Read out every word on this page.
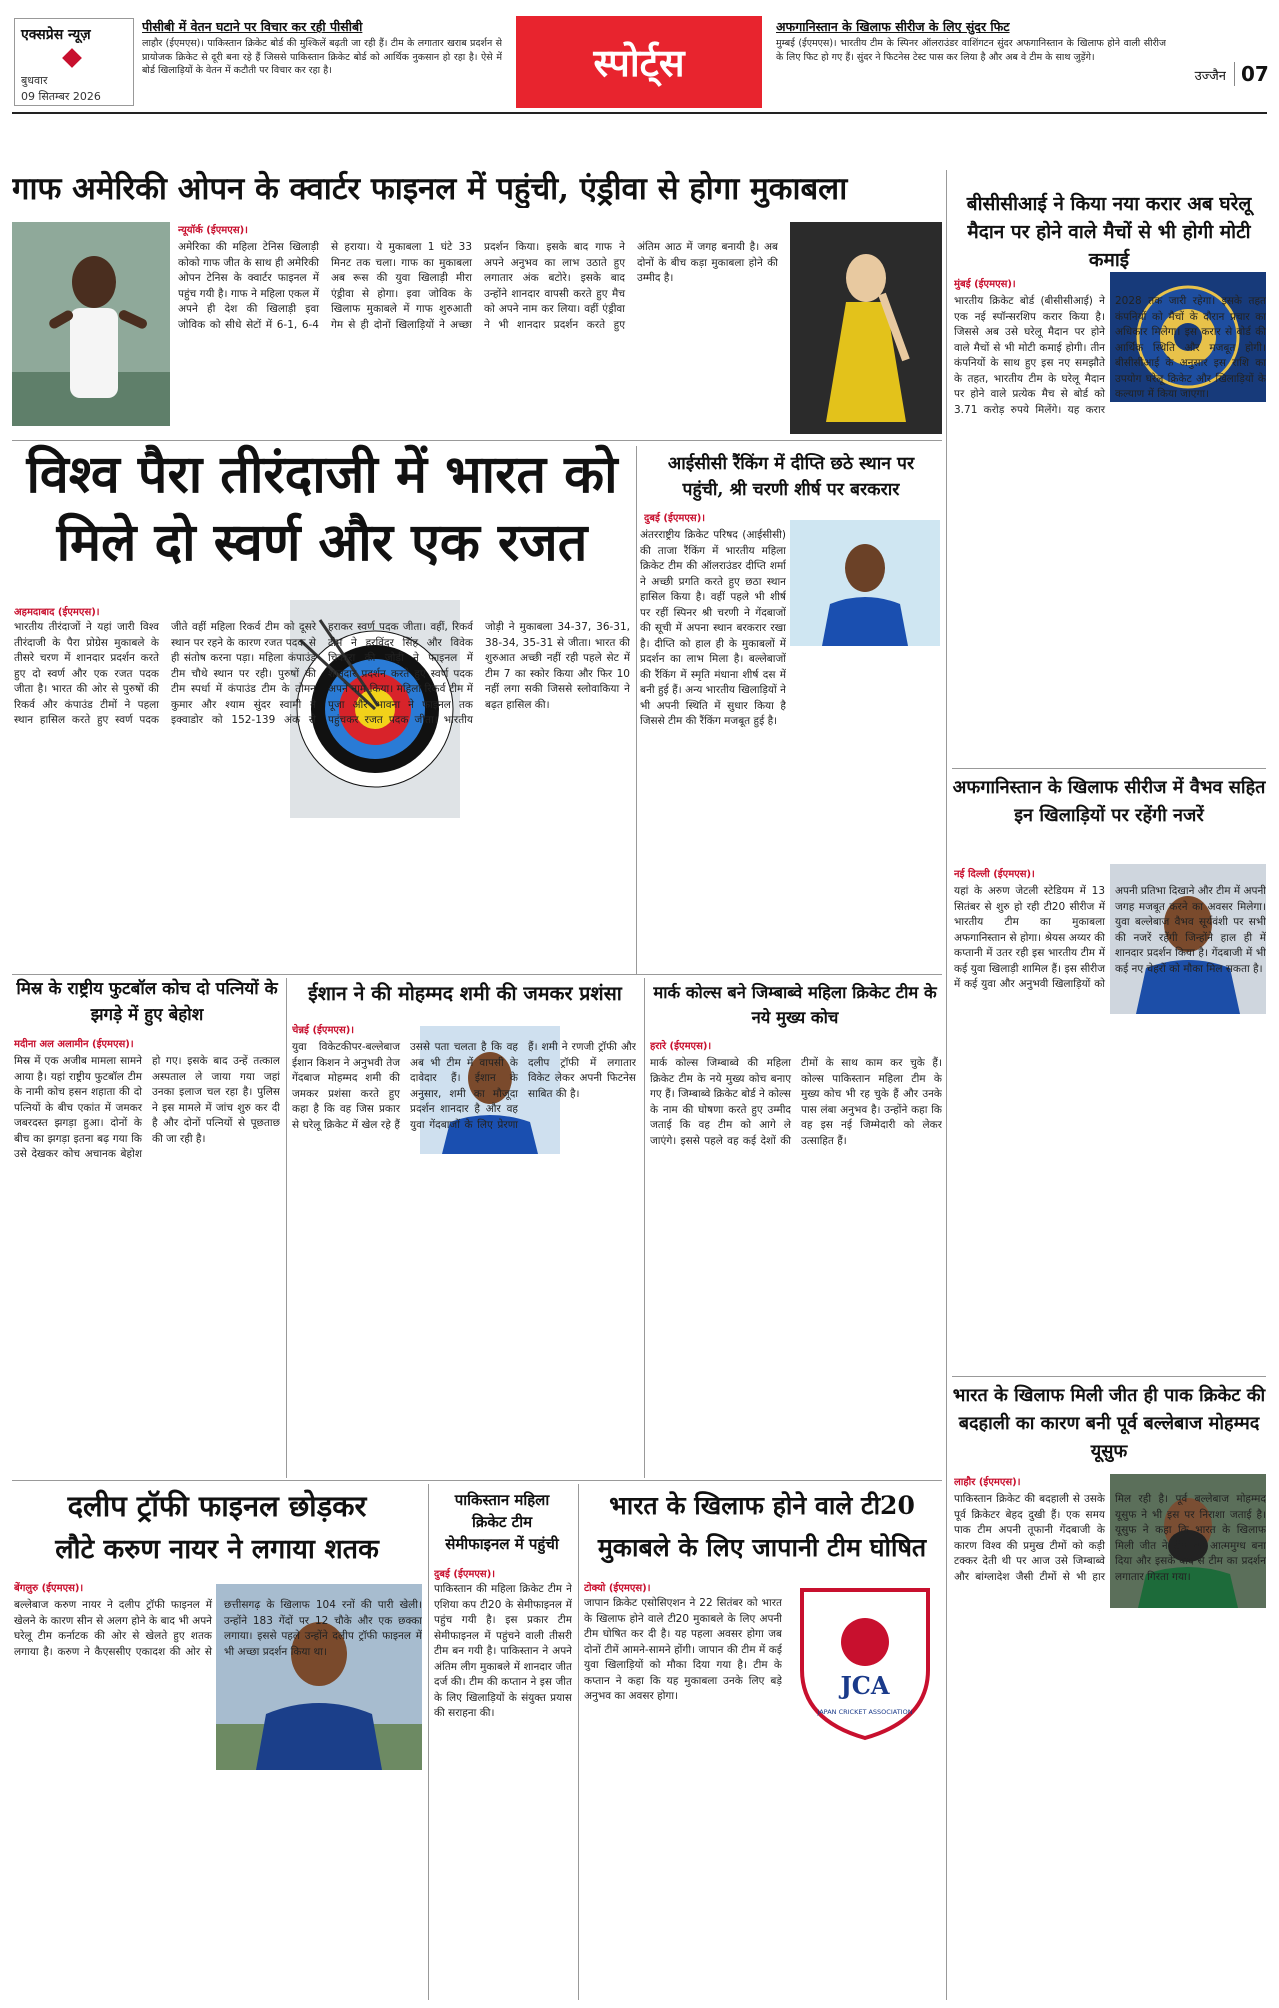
एक्सप्रेस न्यूज़
बुधवार
09 सितम्बर 2026
पीसीबी में वेतन घटाने पर विचार कर रही पीसीबी
लाहौर (ईएमएस)। पाकिस्तान क्रिकेट बोर्ड की मुश्किलें बढ़ती जा रही हैं। टीम के लगातार खराब प्रदर्शन से प्रायोजक क्रिकेट से दूरी बना रहे हैं जिससे पाकिस्तान क्रिकेट बोर्ड को आर्थिक नुकसान हो रहा है। ऐसे में बोर्ड खिलाड़ियों के वेतन में कटौती पर विचार कर रहा है।	स्पोर्ट्स
अफगानिस्तान के खिलाफ सीरीज के लिए सुंदर फिट
मुम्बई (ईएमएस)। भारतीय टीम के स्पिनर ऑलराउंडर वाशिंगटन सुंदर अफगानिस्तान के खिलाफ होने वाली सीरीज के लिए फिट हो गए हैं। सुंदर ने फिटनेस टेस्ट पास कर लिया है और अब वे टीम के साथ जुड़ेंगे।
उज्जैन 07
गाफ अमेरिकी ओपन के क्वार्टर फाइनल में पहुंची, एंड्रीवा से होगा मुकाबला
न्यूयॉर्क (ईएमएस)।
अमेरिका की महिला टेनिस खिलाड़ी कोको गाफ जीत के साथ ही अमेरिकी ओपन टेनिस के क्वार्टर फाइनल में पहुंच गयी है। गाफ ने महिला एकल में अपने ही देश की खिलाड़ी इवा जोविक को सीधे सेटों में 6-1, 6-4 से हराया। ये मुकाबला 1 घंटे 33 मिनट तक चला। गाफ का मुकाबला अब रूस की युवा खिलाड़ी मीरा एंड्रीवा से होगा। इवा जोविक के खिलाफ मुकाबले में गाफ शुरुआती गेम से ही दोनों खिलाड़ियों ने अच्छा प्रदर्शन किया। इसके बाद गाफ ने अपने अनुभव का लाभ उठाते हुए लगातार अंक बटोरे। इसके बाद उन्होंने शानदार वापसी करते हुए मैच को अपने नाम कर लिया। वहीं एंड्रीवा ने भी शानदार प्रदर्शन करते हुए अंतिम आठ में जगह बनायी है। अब दोनों के बीच कड़ा मुकाबला होने की उम्मीद है।
विश्व पैरा तीरंदाजी में भारत को
मिले दो स्वर्ण और एक रजत
अहमदाबाद (ईएमएस)।
भारतीय तीरंदाजों ने यहां जारी विश्व तीरंदाजी के पैरा प्रोग्रेस मुकाबले के तीसरे चरण में शानदार प्रदर्शन करते हुए दो स्वर्ण और एक रजत पदक जीता है। भारत की ओर से पुरुषों की रिकर्व और कंपाउंड टीमों ने पहला स्थान हासिल करते हुए स्वर्ण पदक जीते वहीं महिला रिकर्व टीम को दूसरे स्थान पर रहने के कारण रजत पदक से ही संतोष करना पड़ा। महिला कंपाउंड टीम चौथे स्थान पर रही। पुरुषों की टीम स्पर्धा में कंपाउंड टीम के तोमन कुमार और श्याम सुंदर स्वामी ने इक्वाडोर को 152-139 अंक से हराकर स्वर्ण पदक जीता। वहीं, रिकर्व टीम ने हरविंदर सिंह और विवेक चिकारा की जोड़ी ने फाइनल में शानदार प्रदर्शन करते हुए स्वर्ण पदक अपने नाम किया। महिला रिकर्व टीम में पूजा और भावना ने फाइनल तक पहुंचकर रजत पदक जीता। भारतीय जोड़ी ने मुकाबला 34-37, 36-31, 38-34, 35-31 से जीता। भारत की शुरुआत अच्छी नहीं रही पहले सेट में टीम 7 का स्कोर किया और फिर 10 नहीं लगा सकी जिससे स्लोवाकिया ने बढ़त हासिल की।
आईसीसी रैंकिंग में दीप्ति छठे स्थान पर
पहुंची, श्री चरणी शीर्ष पर बरकरार
दुबई (ईएमएस)।
अंतरराष्ट्रीय क्रिकेट परिषद (आईसीसी) की ताजा रैंकिंग में भारतीय महिला क्रिकेट टीम की ऑलराउंडर दीप्ति शर्मा ने अच्छी प्रगति करते हुए छठा स्थान हासिल किया है। वहीं पहले भी शीर्ष पर रहीं स्पिनर श्री चरणी ने गेंदबाजों की सूची में अपना स्थान बरकरार रखा है। दीप्ति को हाल ही के मुकाबलों में प्रदर्शन का लाभ मिला है। बल्लेबाजों की रैंकिंग में स्मृति मंधाना शीर्ष दस में बनी हुई हैं। अन्य भारतीय खिलाड़ियों ने भी अपनी स्थिति में सुधार किया है जिससे टीम की रैंकिंग मजबूत हुई है।
बीसीसीआई ने किया नया करार अब घरेलू मैदान पर होने वाले मैचों से भी होगी मोटी कमाई
मुंबई (ईएमएस)।
भारतीय क्रिकेट बोर्ड (बीसीसीआई) ने एक नई स्पॉन्सरशिप करार किया है। जिससे अब उसे घरेलू मैदान पर होने वाले मैचों से भी मोटी कमाई होगी। तीन कंपनियों के साथ हुए इस नए समझौते के तहत, भारतीय टीम के घरेलू मैदान पर होने वाले प्रत्येक मैच से बोर्ड को 3.71 करोड़ रुपये मिलेंगे। यह करार 2028 तक जारी रहेगा। इसके तहत कंपनियों को मैचों के दौरान प्रचार का अधिकार मिलेगा। इस करार से बोर्ड की आर्थिक स्थिति और मजबूत होगी। बीसीसीआई के अनुसार इस राशि का उपयोग घरेलू क्रिकेट और खिलाड़ियों के कल्याण में किया जाएगा।
अफगानिस्तान के खिलाफ सीरीज में वैभव सहित इन खिलाड़ियों पर रहेंगी नजरें
नई दिल्ली (ईएमएस)।
यहां के अरुण जेटली स्टेडियम में 13 सितंबर से शुरु हो रही टी20 सीरीज में भारतीय टीम का मुकाबला अफगानिस्तान से होगा। श्रेयस अय्यर की कप्तानी में उतर रही इस भारतीय टीम में कई युवा खिलाड़ी शामिल हैं। इस सीरीज में कई युवा और अनुभवी खिलाड़ियों को अपनी प्रतिभा दिखाने और टीम में अपनी जगह मजबूत करने का अवसर मिलेगा। युवा बल्लेबाज वैभव सूर्यवंशी पर सभी की नजरें रहेंगी जिन्होंने हाल ही में शानदार प्रदर्शन किया है। गेंदबाजी में भी कई नए चेहरों को मौका मिल सकता है।
भारत के खिलाफ मिली जीत ही पाक क्रिकेट की बदहाली का कारण बनी पूर्व बल्लेबाज मोहम्मद यूसुफ
लाहौर (ईएमएस)।
पाकिस्तान क्रिकेट की बदहाली से उसके पूर्व क्रिकेटर बेहद दुखी हैं। एक समय पाक टीम अपनी तूफानी गेंदबाजी के कारण विश्व की प्रमुख टीमों को कड़ी टक्कर देती थी पर आज उसे जिम्बाब्वे और बांग्लादेश जैसी टीमों से भी हार मिल रही है। पूर्व बल्लेबाज मोहम्मद यूसुफ ने भी इस पर निराशा जताई है। यूसुफ ने कहा कि भारत के खिलाफ मिली जीत ने टीम को आत्ममुग्ध बना दिया और इसके बाद से टीम का प्रदर्शन लगातार गिरता गया।
मिस्र के राष्ट्रीय फुटबॉल कोच दो पत्नियों के झगड़े में हुए बेहोश
मदीना अल अलामीन (ईएमएस)।
मिस्र में एक अजीब मामला सामने आया है। यहां राष्ट्रीय फुटबॉल टीम के नामी कोच हसन शहाता की दो पत्नियों के बीच एकांत में जमकर जबरदस्त झगड़ा हुआ। दोनों के बीच का झगड़ा इतना बढ़ गया कि उसे देखकर कोच अचानक बेहोश हो गए। इसके बाद उन्हें तत्काल अस्पताल ले जाया गया जहां उनका इलाज चल रहा है। पुलिस ने इस मामले में जांच शुरु कर दी है और दोनों पत्नियों से पूछताछ की जा रही है।
ईशान ने की मोहम्मद शमी की जमकर प्रशंसा
चेन्नई (ईएमएस)।
युवा विकेटकीपर-बल्लेबाज ईशान किशन ने अनुभवी तेज गेंदबाज मोहम्मद शमी की जमकर प्रशंसा करते हुए कहा है कि वह जिस प्रकार से घरेलू क्रिकेट में खेल रहे हैं उससे पता चलता है कि वह अब भी टीम में वापसी के दावेदार हैं। ईशान के अनुसार, शमी का मौजूदा प्रदर्शन शानदार है और वह युवा गेंदबाजों के लिए प्रेरणा हैं। शमी ने रणजी ट्रॉफी और दलीप ट्रॉफी में लगातार विकेट लेकर अपनी फिटनेस साबित की है।
मार्क कोल्स बने जिम्बाब्वे महिला क्रिकेट टीम के नये मुख्य कोच
हरारे (ईएमएस)।
मार्क कोल्स जिम्बाब्वे की महिला क्रिकेट टीम के नये मुख्य कोच बनाए गए हैं। जिम्बाब्वे क्रिकेट बोर्ड ने कोल्स के नाम की घोषणा करते हुए उम्मीद जताई कि वह टीम को आगे ले जाएंगे। इससे पहले वह कई देशों की टीमों के साथ काम कर चुके हैं। कोल्स पाकिस्तान महिला टीम के मुख्य कोच भी रह चुके हैं और उनके पास लंबा अनुभव है। उन्होंने कहा कि वह इस नई जिम्मेदारी को लेकर उत्साहित हैं।
दलीप ट्रॉफी फाइनल छोड़कर
लौटे करुण नायर ने लगाया शतक
बेंगलुरु (ईएमएस)।
बल्लेबाज करुण नायर ने दलीप ट्रॉफी फाइनल में खेलने के कारण सीन से अलग होने के बाद भी अपने घरेलू टीम कर्नाटक की ओर से खेलते हुए शतक लगाया है। करुण ने कैएससीए एकादश की ओर से छत्तीसगढ़ के खिलाफ 104 रनों की पारी खेली। उन्होंने 183 गेंदों पर 12 चौके और एक छक्का लगाया। इससे पहले उन्होंने दलीप ट्रॉफी फाइनल में भी अच्छा प्रदर्शन किया था।
पाकिस्तान महिला
क्रिकेट टीम
सेमीफाइनल में पहुंची
दुबई (ईएमएस)।
पाकिस्तान की महिला क्रिकेट टीम ने एशिया कप टी20 के सेमीफाइनल में पहुंच गयी है। इस प्रकार टीम सेमीफाइनल में पहुंचने वाली तीसरी टीम बन गयी है। पाकिस्तान ने अपने अंतिम लीग मुकाबले में शानदार जीत दर्ज की। टीम की कप्तान ने इस जीत के लिए खिलाड़ियों के संयुक्त प्रयास की सराहना की।
भारत के खिलाफ होने वाले टी20
मुकाबले के लिए जापानी टीम घोषित
JCA
JAPAN CRICKET ASSOCIATION
टोक्यो (ईएमएस)।
जापान क्रिकेट एसोसिएशन ने 22 सितंबर को भारत के खिलाफ होने वाले टी20 मुकाबले के लिए अपनी टीम घोषित कर दी है। यह पहला अवसर होगा जब दोनों टीमें आमने-सामने होंगी। जापान की टीम में कई युवा खिलाड़ियों को मौका दिया गया है। टीम के कप्तान ने कहा कि यह मुकाबला उनके लिए बड़े अनुभव का अवसर होगा।
